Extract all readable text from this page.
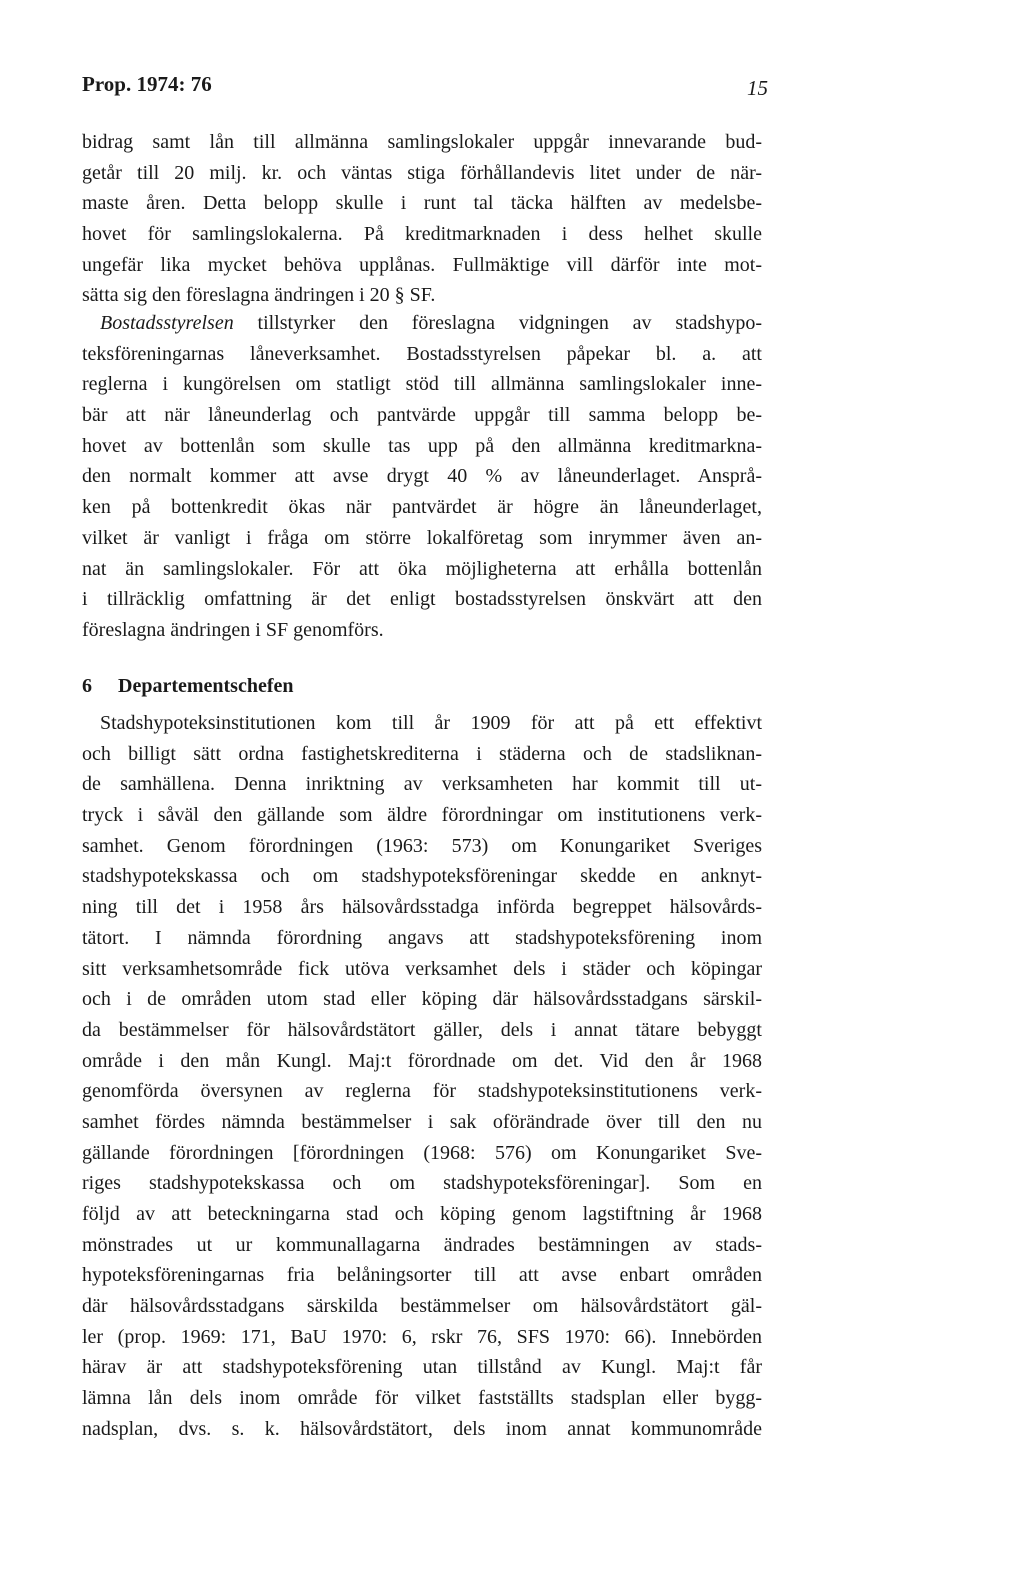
Prop. 1974: 76	15
bidrag samt lån till allmänna samlingslokaler uppgår innevarande bud-
getår till 20 milj. kr. och väntas stiga förhållandevis litet under de när-
maste åren. Detta belopp skulle i runt tal täcka hälften av medelsbe-
hovet för samlingslokalerna. På kreditmarknaden i dess helhet skulle
ungefär lika mycket behöva upplånas. Fullmäktige vill därför inte mot-
sätta sig den föreslagna ändringen i 20 § SF.
Bostadsstyrelsen tillstyrker den föreslagna vidgningen av stadshypo-
teksföreningarnas låneverksamhet. Bostadsstyrelsen påpekar bl. a. att
reglerna i kungörelsen om statligt stöd till allmänna samlingslokaler inne-
bär att när låneunderlag och pantvärde uppgår till samma belopp be-
hovet av bottenlån som skulle tas upp på den allmänna kreditmarkna-
den normalt kommer att avse drygt 40 % av låneunderlaget. Ansprå-
ken på bottenkredit ökas när pantvärdet är högre än låneunderlaget,
vilket är vanligt i fråga om större lokalföretag som inrymmer även an-
nat än samlingslokaler. För att öka möjligheterna att erhålla bottenlån
i tillräcklig omfattning är det enligt bostadsstyrelsen önskvärt att den
föreslagna ändringen i SF genomförs.
6 Departementschefen
Stadshypoteksinstitutionen kom till år 1909 för att på ett effektivt
och billigt sätt ordna fastighetskrediterna i städerna och de stadsliknan-
de samhällena. Denna inriktning av verksamheten har kommit till ut-
tryck i såväl den gällande som äldre förordningar om institutionens verk-
samhet. Genom förordningen (1963: 573) om Konungariket Sveriges
stadshypotekskassa och om stadshypoteksföreningar skedde en anknyt-
ning till det i 1958 års hälsovårdsstadga införda begreppet hälsovårds-
tätort. I nämnda förordning angavs att stadshypoteksförening inom
sitt verksamhetsområde fick utöva verksamhet dels i städer och köpingar
och i de områden utom stad eller köping där hälsovårdsstadgans särskil-
da bestämmelser för hälsovårdstätort gäller, dels i annat tätare bebyggt
område i den mån Kungl. Maj:t förordnade om det. Vid den år 1968
genomförda översynen av reglerna för stadshypoteksinstitutionens verk-
samhet fördes nämnda bestämmelser i sak oförändrade över till den nu
gällande förordningen [förordningen (1968: 576) om Konungariket Sve-
riges stadshypotekskassa och om stadshypoteksföreningar]. Som en
följd av att beteckningarna stad och köping genom lagstiftning år 1968
mönstrades ut ur kommunallagarna ändrades bestämningen av stads-
hypoteksföreningarnas fria belåningsorter till att avse enbart områden
där hälsovårdsstadgans särskilda bestämmelser om hälsovårdstätort gäl-
ler (prop. 1969: 171, BaU 1970: 6, rskr 76, SFS 1970: 66). Innebörden
härav är att stadshypoteksförening utan tillstånd av Kungl. Maj:t får
lämna lån dels inom område för vilket fastställts stadsplan eller bygg-
nadsplan, dvs. s. k. hälsovårdstätort, dels inom annat kommunområde
